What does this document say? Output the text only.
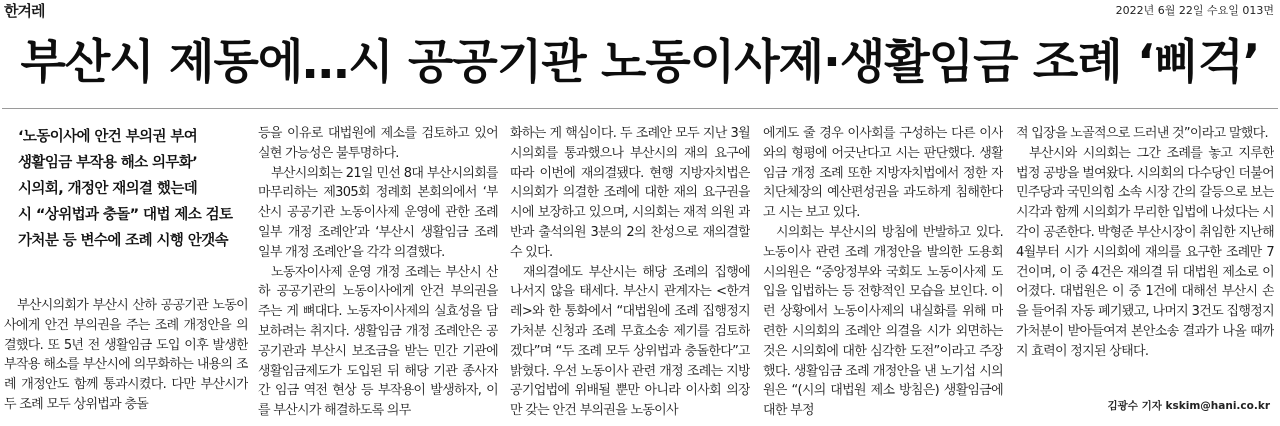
한겨레	2022년 6월 22일 수요일 013면
부산시 제동에…시 공공기관 노동이사제·생활임금 조례 ‘삐걱’
‘노동이사에 안건 부의권 부여
생활임금 부작용 해소 의무화’
시의회, 개정안 재의결 했는데
시 “상위법과 충돌” 대법 제소 검토
가처분 등 변수에 조례 시행 안갯속

부산시의회가 부산시 산하 공공기관 노동이사에게 안건 부의권을 주는 조례 개정안을 의결했다. 또 5년 전 생활임금 도입 이후 발생한 부작용 해소를 부산시에 의무화하는 내용의 조례 개정안도 함께 통과시켰다. 다만 부산시가 두 조례 모두 상위법과 충돌

등을 이유로 대법원에 제소를 검토하고 있어 실현 가능성은 불투명하다.

부산시의회는 21일 민선 8대 부산시의회를 마무리하는 제305회 정례회 본회의에서 ‘부산시 공공기관 노동이사제 운영에 관한 조례 일부 개정 조례안’과 ‘부산시 생활임금 조례 일부 개정 조례안’을 각각 의결했다.

노동자이사제 운영 개정 조례는 부산시 산하 공공기관의 노동이사에게 안건 부의권을 주는 게 뼈대다. 노동자이사제의 실효성을 담보하려는 취지다. 생활임금 개정 조례안은 공공기관과 부산시 보조금을 받는 민간 기관에 생활임금제도가 도입된 뒤 해당 기관 종사자 간 임금 역전 현상 등 부작용이 발생하자, 이를 부산시가 해결하도록 의무

화하는 게 핵심이다. 두 조례안 모두 지난 3월 시의회를 통과했으나 부산시의 재의 요구에 따라 이번에 재의결됐다. 현행 지방자치법은 시의회가 의결한 조례에 대한 재의 요구권을 시에 보장하고 있으며, 시의회는 재적 의원 과반과 출석의원 3분의 2의 찬성으로 재의결할 수 있다.

재의결에도 부산시는 해당 조례의 집행에 나서지 않을 태세다. 부산시 관계자는 <한겨레>와 한 통화에서 “대법원에 조례 집행정지 가처분 신청과 조례 무효소송 제기를 검토하겠다”며 “두 조례 모두 상위법과 충돌한다”고 밝혔다. 우선 노동이사 관련 개정 조례는 지방공기업법에 위배될 뿐만 아니라 이사회 의장만 갖는 안건 부의권을 노동이사

에게도 줄 경우 이사회를 구성하는 다른 이사와의 형평에 어긋난다고 시는 판단했다. 생활임금 개정 조례 또한 지방자치법에서 정한 자치단체장의 예산편성권을 과도하게 침해한다고 시는 보고 있다.

시의회는 부산시의 방침에 반발하고 있다. 노동이사 관련 조례 개정안을 발의한 도용회 시의원은 “중앙정부와 국회도 노동이사제 도입을 입법하는 등 전향적인 모습을 보인다. 이런 상황에서 노동이사제의 내실화를 위해 마련한 시의회의 조례안 의결을 시가 외면하는 것은 시의회에 대한 심각한 도전”이라고 주장했다. 생활임금 조례 개정안을 낸 노기섭 시의원은 “(시의 대법원 제소 방침은) 생활임금에 대한 부정

적 입장을 노골적으로 드러낸 것”이라고 말했다.

부산시와 시의회는 그간 조례를 놓고 지루한 법정 공방을 벌여왔다. 시의회의 다수당인 더불어민주당과 국민의힘 소속 시장 간의 갈등으로 보는 시각과 함께 시의회가 무리한 입법에 나섰다는 시각이 공존한다. 박형준 부산시장이 취임한 지난해 4월부터 시가 시의회에 재의를 요구한 조례만 7건이며, 이 중 4건은 재의결 뒤 대법원 제소로 이어졌다. 대법원은 이 중 1건에 대해선 부산시 손을 들어줘 자동 폐기됐고, 나머지 3건도 집행정지 가처분이 받아들여져 본안소송 결과가 나올 때까지 효력이 정지된 상태다.

김광수 기자 kskim@hani.co.kr
